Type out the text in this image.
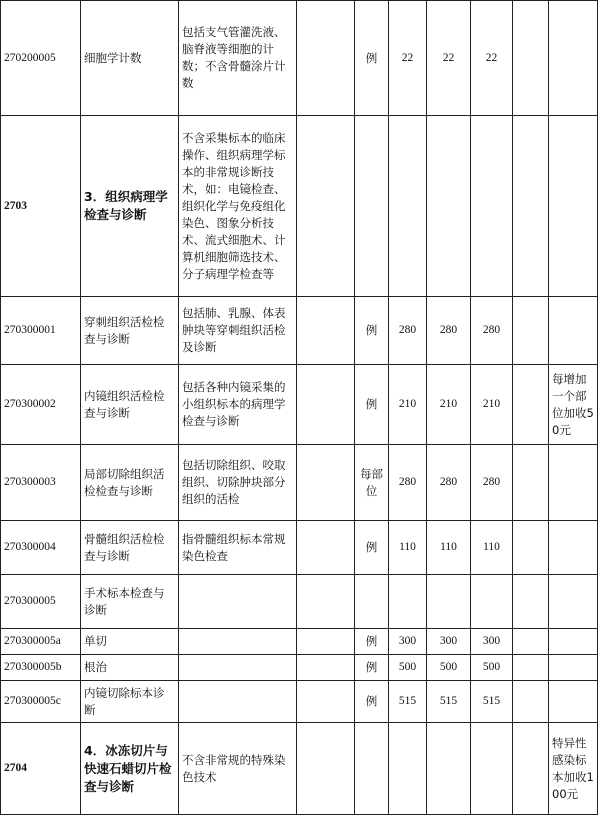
270200005	细胞学计数	包括支气管灌洗液、脑脊液等细胞的计数；不含骨髓涂片计数		例	22	22	22		
2703	3．组织病理学检查与诊断	不含采集标本的临床操作、组织病理学标本的非常规诊断技术，如：电镜检查、组织化学与免疫组化染色、图象分析技术、流式细胞术、计算机细胞筛选技术、分子病理学检查等							
270300001	穿刺组织活检检查与诊断	包括肺、乳腺、体表肿块等穿刺组织活检及诊断		例	280	280	280		
270300002	内镜组织活检检查与诊断	包括各种内镜采集的小组织标本的病理学检查与诊断		例	210	210	210		每增加一个部位加收50元
270300003	局部切除组织活检检查与诊断	包括切除组织、咬取组织、切除肿块部分组织的活检		每部位	280	280	280		
270300004	骨髓组织活检检查与诊断	指骨髓组织标本常规染色检查		例	110	110	110		
270300005	手术标本检查与诊断								
270300005a	单切			例	300	300	300		
270300005b	根治			例	500	500	500		
270300005c	内镜切除标本诊断			例	515	515	515		
2704	4．冰冻切片与快速石蜡切片检查与诊断	不含非常规的特殊染色技术							特异性感染标本加收100元
